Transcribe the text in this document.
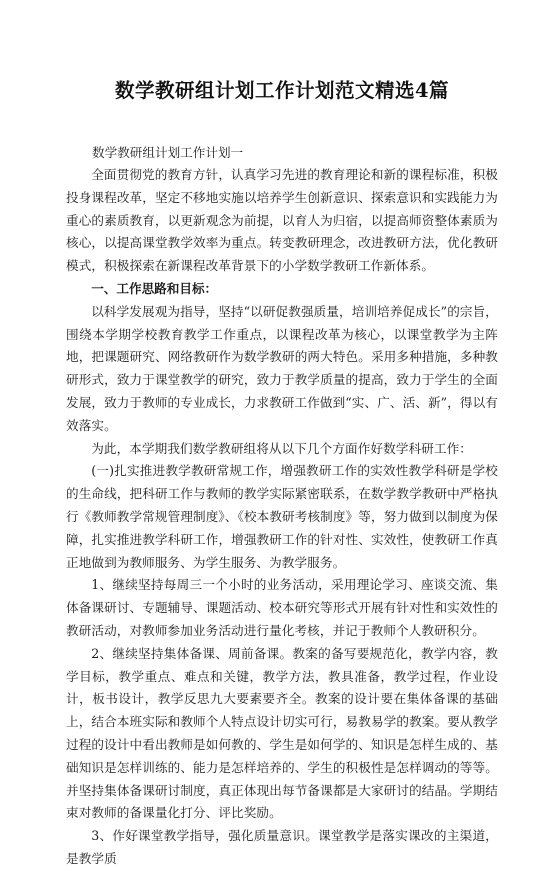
数学教研组计划工作计划范文精选4篇

数学教研组计划工作计划一

全面贯彻党的教育方针，认真学习先进的教育理论和新的课程标准，积极投身课程改革，坚定不移地实施以培养学生创新意识、探索意识和实践能力为重心的素质教育，以更新观念为前提，以育人为归宿，以提高师资整体素质为核心，以提高课堂教学效率为重点。转变教研理念，改进教研方法，优化教研模式，积极探索在新课程改革背景下的小学数学教研工作新体系。

一、工作思路和目标：

以科学发展观为指导，坚持“以研促教强质量，培训培养促成长”的宗旨，围绕本学期学校教育教学工作重点，以课程改革为核心，以课堂教学为主阵地，把课题研究、网络教研作为数学教研的两大特色。采用多种措施，多种教研形式，致力于课堂教学的研究，致力于教学质量的提高，致力于学生的全面发展，致力于教师的专业成长，力求教研工作做到“实、广、活、新”，得以有效落实。

为此，本学期我们数学教研组将从以下几个方面作好数学科研工作：

(一)扎实推进教学教研常规工作，增强教研工作的实效性教学科研是学校的生命线，把科研工作与教师的教学实际紧密联系，在数学教学教研中严格执行《教师教学常规管理制度》、《校本教研考核制度》等，努力做到以制度为保障，扎实推进教学科研工作，增强教研工作的针对性、实效性，使教研工作真正地做到为教师服务、为学生服务、为教学服务。

1、继续坚持每周三一个小时的业务活动，采用理论学习、座谈交流、集体备课研讨、专题辅导、课题活动、校本研究等形式开展有针对性和实效性的教研活动，对教师参加业务活动进行量化考核，并记于教师个人教研积分。

2、继续坚持集体备课、周前备课。教案的备写要规范化，教学内容，教学目标，教学重点、难点和关键，教学方法，教具准备，教学过程，作业设计，板书设计，教学反思九大要素要齐全。教案的设计要在集体备课的基础上，结合本班实际和教师个人特点设计切实可行，易教易学的教案。要从教学过程的设计中看出教师是如何教的、学生是如何学的、知识是怎样生成的、基础知识是怎样训练的、能力是怎样培养的、学生的积极性是怎样调动的等等。并坚持集体备课研讨制度，真正体现出每节备课都是大家研讨的结晶。学期结束对教师的备课量化打分、评比奖励。

3、作好课堂教学指导，强化质量意识。课堂教学是落实课改的主渠道，是教学质
